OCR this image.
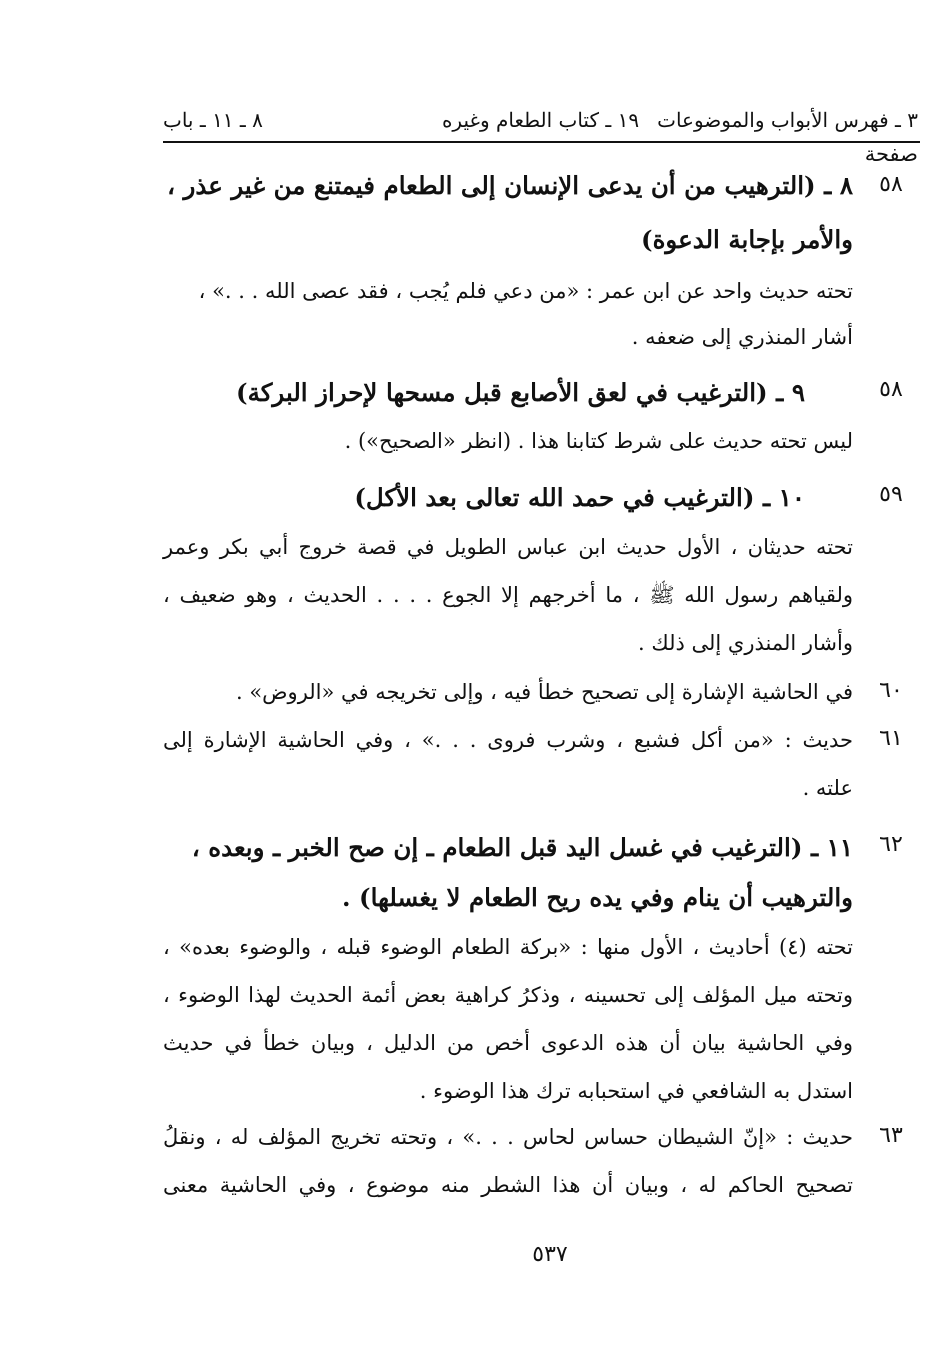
٣ ـ فهرس الأبواب والموضوعات
١٩ ـ كتاب الطعام وغيره
٨ ـ ١١ ـ باب
صفحة
٥٨
٨ ـ (الترهيب من أن يدعى الإنسان إلى الطعام فيمتنع من غير عذر ،
والأمر بإجابة الدعوة)
تحته حديث واحد عن ابن عمر : «من دعي فلم يُجب ، فقد عصى الله . . .» ،
أشار المنذري إلى ضعفه .
٥٨
٩ ـ (الترغيب في لعق الأصابع قبل مسحها لإحراز البركة)
ليس تحته حديث على شرط كتابنا هذا . (انظر «الصحيح») .
٥٩
١٠ ـ (الترغيب في حمد الله تعالى بعد الأكل)
تحته حديثان ، الأول حديث ابن عباس الطويل في قصة خروج أبي بكر وعمر
ولقياهم رسول الله ﷺ ، ما أخرجهم إلا الجوع . . . . الحديث ، وهو ضعيف ،
وأشار المنذري إلى ذلك .
٦٠
في الحاشية الإشارة إلى تصحيح خطأ فيه ، وإلى تخريجه في «الروض» .
٦١
حديث : «من أكل فشبع ، وشرب فروى . . .» ، وفي الحاشية الإشارة إلى
علته .
٦٢
١١ ـ (الترغيب في غسل اليد قبل الطعام ـ إن صح الخبر ـ وبعده ،
والترهيب أن ينام وفي يده ريح الطعام لا يغسلها) .
تحته (٤) أحاديث ، الأول منها : «بركة الطعام الوضوء قبله ، والوضوء بعده» ،
وتحته ميل المؤلف إلى تحسينه ، وذكرُ كراهية بعض أئمة الحديث لهذا الوضوء ،
وفي الحاشية بيان أن هذه الدعوى أخص من الدليل ، وبيان خطأ في حديث
استدل به الشافعي في استحبابه ترك هذا الوضوء .
٦٣
حديث : «إنّ الشيطان حساس لحاس . . .» ، وتحته تخريج المؤلف له ، ونقلُ
تصحيح الحاكم له ، وبيان أن هذا الشطر منه موضوع ، وفي الحاشية معنى
٥٣٧
